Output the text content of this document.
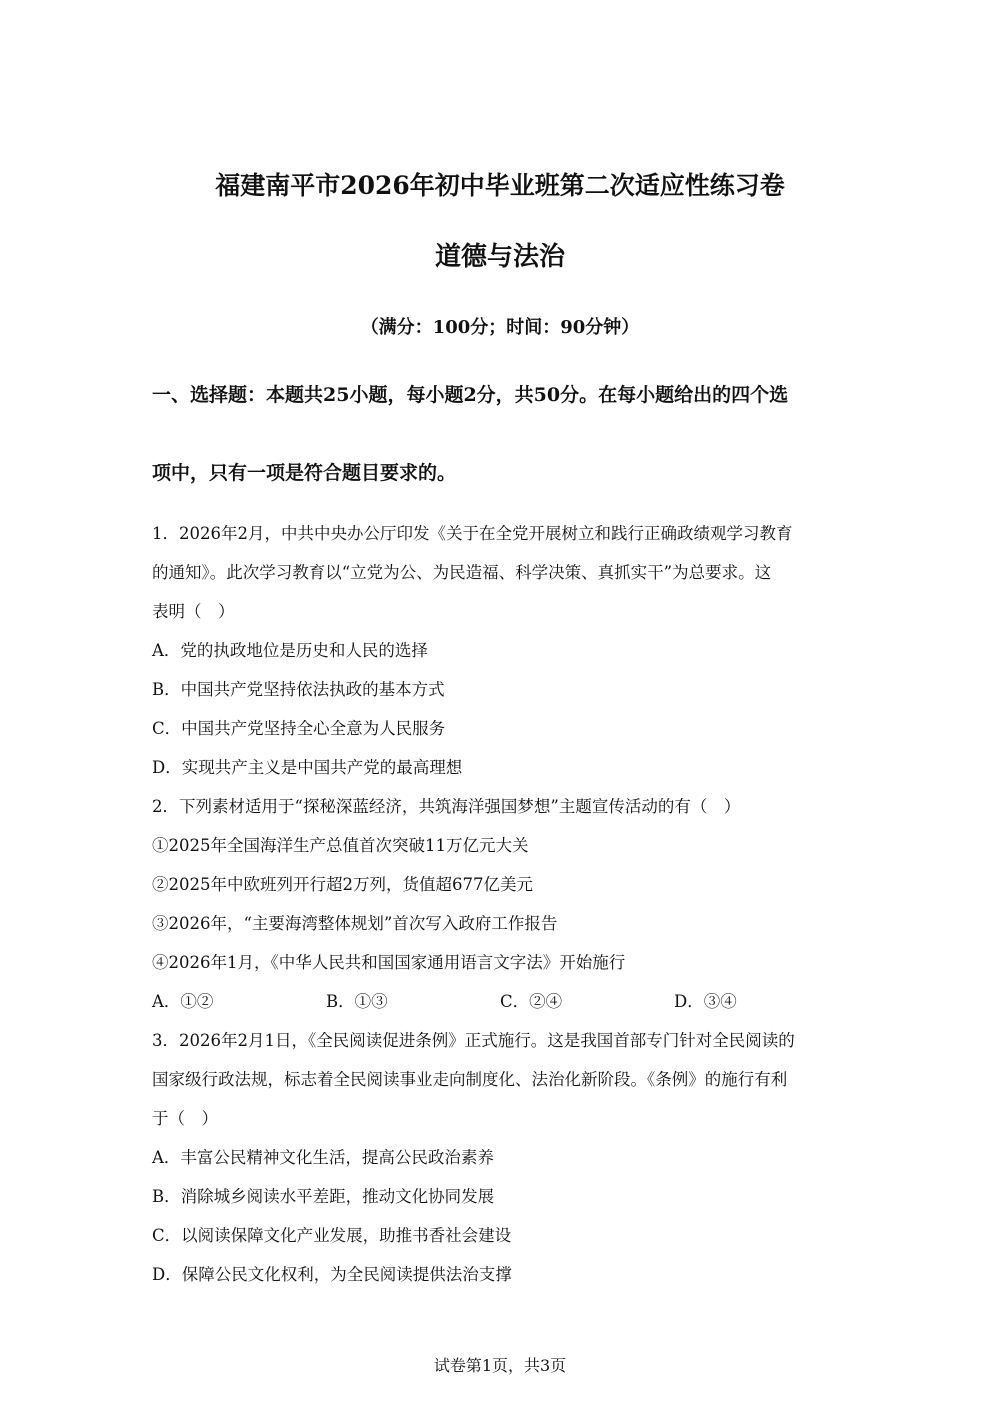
福建南平市2026年初中毕业班第二次适应性练习卷
道德与法治
（满分：100分；时间：90分钟）
一、选择题：本题共25小题，每小题2分，共50分。在每小题给出的四个选
项中，只有一项是符合题目要求的。
1．2026年2月，中共中央办公厅印发《关于在全党开展树立和践行正确政绩观学习教育
的通知》。此次学习教育以“立党为公、为民造福、科学决策、真抓实干”为总要求。这
表明（　）
A．党的执政地位是历史和人民的选择
B．中国共产党坚持依法执政的基本方式
C．中国共产党坚持全心全意为人民服务
D．实现共产主义是中国共产党的最高理想
2．下列素材适用于“探秘深蓝经济，共筑海洋强国梦想”主题宣传活动的有（　）
①2025年全国海洋生产总值首次突破11万亿元大关
②2025年中欧班列开行超2万列，货值超677亿美元
③2026年，“主要海湾整体规划”首次写入政府工作报告
④2026年1月，《中华人民共和国国家通用语言文字法》开始施行
A．①②	B．①③	C．②④	D．③④
3．2026年2月1日，《全民阅读促进条例》正式施行。这是我国首部专门针对全民阅读的
国家级行政法规，标志着全民阅读事业走向制度化、法治化新阶段。《条例》的施行有利
于（　）
A．丰富公民精神文化生活，提高公民政治素养
B．消除城乡阅读水平差距，推动文化协同发展
C．以阅读保障文化产业发展，助推书香社会建设
D．保障公民文化权利，为全民阅读提供法治支撑
试卷第1页，共3页
